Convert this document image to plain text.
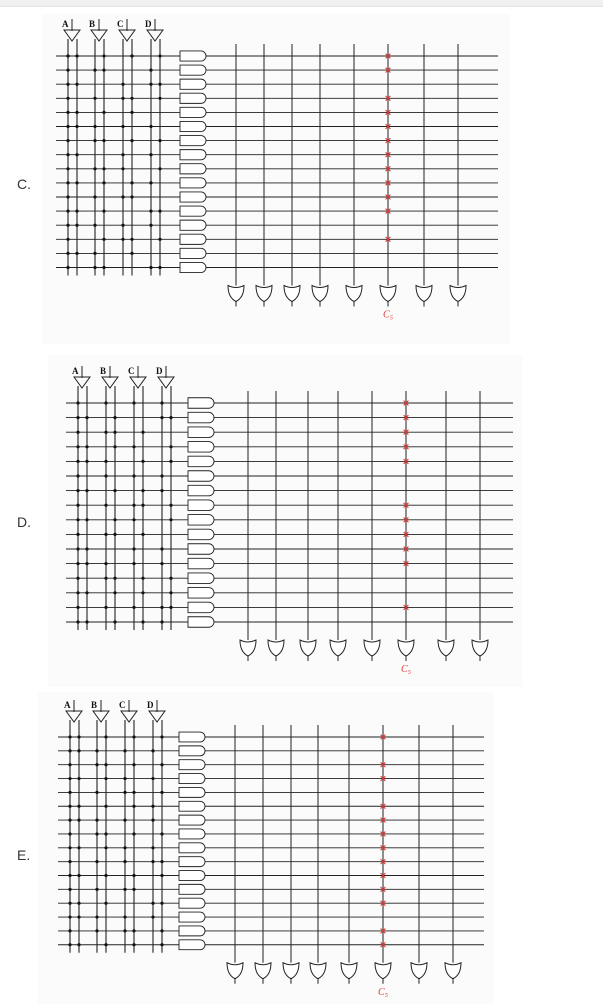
C.
A B C D
C₅
D.
A B C D
C₅
E.
A B C D
C₅
